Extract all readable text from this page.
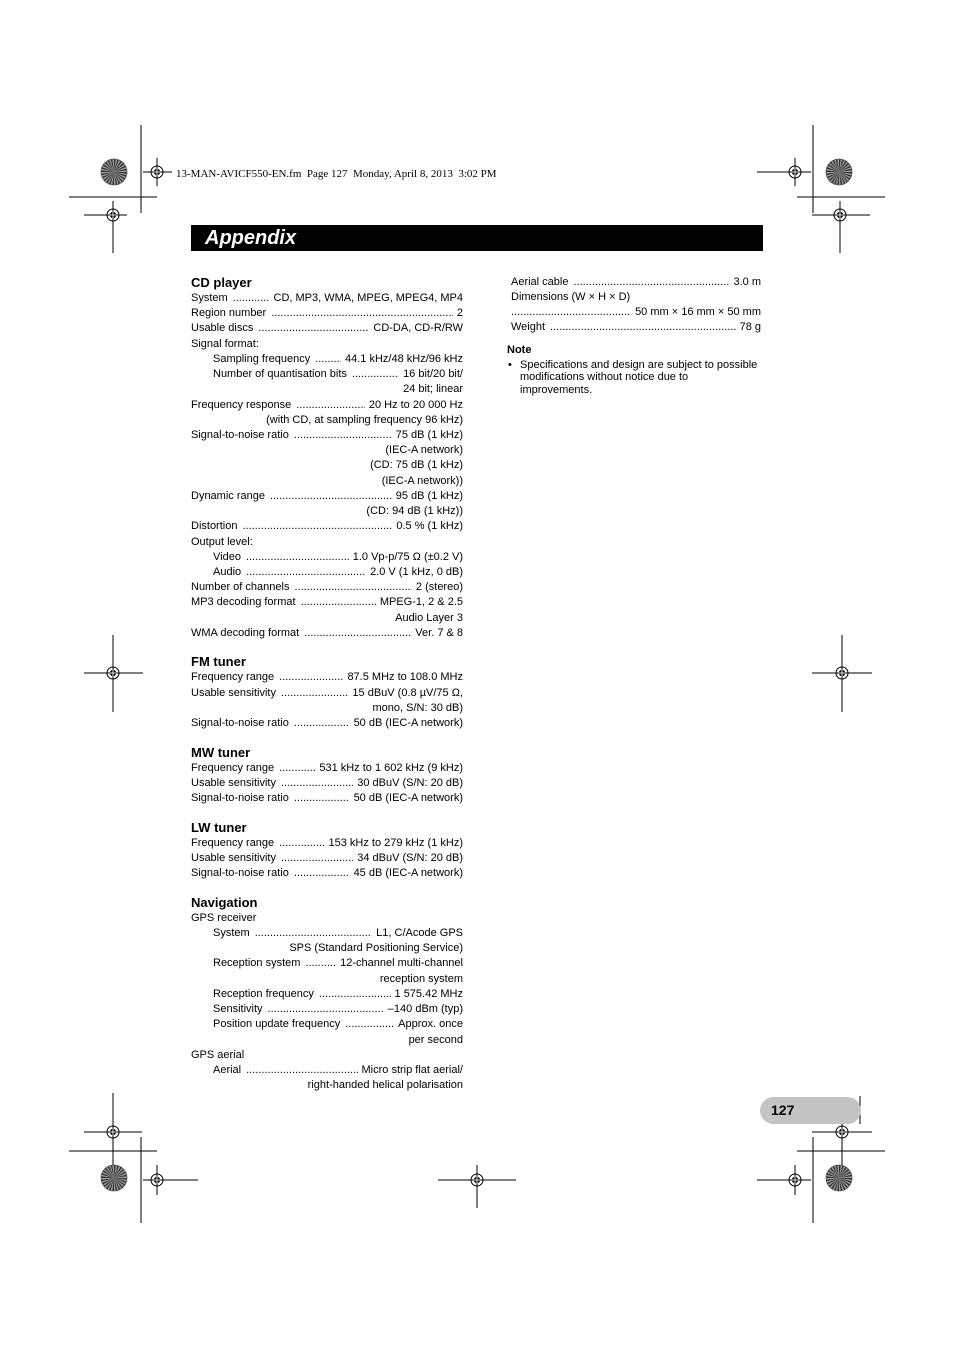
13-MAN-AVICF550-EN.fm  Page 127  Monday, April 8, 2013  3:02 PM
Appendix
CD player
System .....	CD, MP3, WMA, MPEG, MPEG4, MP4
Region number .....	2
Usable discs .....	CD-DA, CD-R/RW
Signal format:
Sampling frequency .....	44.1 kHz/48 kHz/96 kHz
Number of quantisation bits .....	16 bit/20 bit/
24 bit; linear
Frequency response .....	20 Hz to 20 000 Hz
(with CD, at sampling frequency 96 kHz)
Signal-to-noise ratio .....	75 dB (1 kHz)
(IEC-A network)
(CD: 75 dB (1 kHz)
(IEC-A network))
Dynamic range .....	95 dB (1 kHz)
(CD: 94 dB (1 kHz))
Distortion .....	0.5 % (1 kHz)
Output level:
Video .....	1.0 Vp-p/75 Ω (±0.2 V)
Audio .....	2.0 V (1 kHz, 0 dB)
Number of channels .....	2 (stereo)
MP3 decoding format .....	MPEG-1, 2 & 2.5
Audio Layer 3
WMA decoding format .....	Ver. 7 & 8
FM tuner
Frequency range .....	87.5 MHz to 108.0 MHz
Usable sensitivity .....	15 dBuV (0.8 µV/75 Ω,
mono, S/N: 30 dB)
Signal-to-noise ratio .....	50 dB (IEC-A network)
MW tuner
Frequency range .....	531 kHz to 1 602 kHz (9 kHz)
Usable sensitivity .....	30 dBuV (S/N: 20 dB)
Signal-to-noise ratio .....	50 dB (IEC-A network)
LW tuner
Frequency range .....	153 kHz to 279 kHz (1 kHz)
Usable sensitivity .....	34 dBuV (S/N: 20 dB)
Signal-to-noise ratio .....	45 dB (IEC-A network)
Navigation
GPS receiver
System .....	L1, C/Acode GPS
SPS (Standard Positioning Service)
Reception system .....	12-channel multi-channel
reception system
Reception frequency .....	1 575.42 MHz
Sensitivity .....	–140 dBm (typ)
Position update frequency .....	Approx. once
per second
GPS aerial
Aerial .....	Micro strip flat aerial/
right-handed helical polarisation
Aerial cable .....	3.0 m
Dimensions (W × H × D)
.....
50 mm × 16 mm × 50 mm
Weight .....	78 g
Note
• Specifications and design are subject to possible
modifications without notice due to
improvements.
127
